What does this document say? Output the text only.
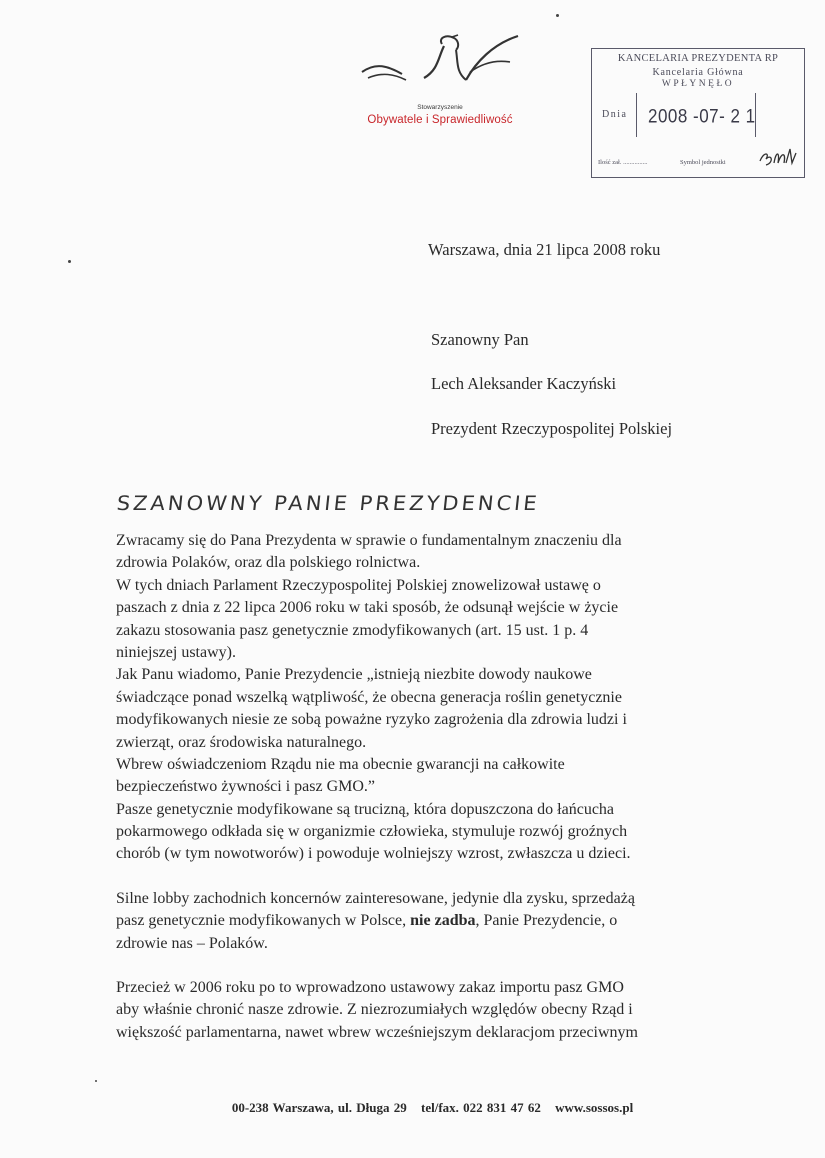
Stowarzyszenie
Obywatele i Sprawiedliwość
KANCELARIA PREZYDENTA RP
Kancelaria Główna
WPŁYNĘŁO
Dnia 2008 -07- 2 1
Ilość zał. ...............	Symbol jednostki
Warszawa, dnia 21 lipca 2008 roku
Szanowny Pan
Lech Aleksander Kaczyński
Prezydent Rzeczypospolitej Polskiej
SZANOWNY PANIE PREZYDENCIE
Zwracamy się do Pana Prezydenta w sprawie o fundamentalnym znaczeniu dla
zdrowia Polaków, oraz dla polskiego rolnictwa.
W tych dniach Parlament Rzeczypospolitej Polskiej znowelizował ustawę o
paszach z dnia z 22 lipca 2006 roku w taki sposób, że odsunął wejście w życie
zakazu stosowania pasz genetycznie zmodyfikowanych (art. 15 ust. 1 p. 4
niniejszej ustawy).
Jak Panu wiadomo, Panie Prezydencie „istnieją niezbite dowody naukowe
świadczące ponad wszelką wątpliwość, że obecna generacja roślin genetycznie
modyfikowanych niesie ze sobą poważne ryzyko zagrożenia dla zdrowia ludzi i
zwierząt, oraz środowiska naturalnego.
Wbrew oświadczeniom Rządu nie ma obecnie gwarancji na całkowite
bezpieczeństwo żywności i pasz GMO.”
Pasze genetycznie modyfikowane są trucizną, która dopuszczona do łańcucha
pokarmowego odkłada się w organizmie człowieka, stymuluje rozwój groźnych
chorób (w tym nowotworów) i powoduje wolniejszy wzrost, zwłaszcza u dzieci.
Silne lobby zachodnich koncernów zainteresowane, jedynie dla zysku, sprzedażą
pasz genetycznie modyfikowanych w Polsce, nie zadba, Panie Prezydencie, o
zdrowie nas – Polaków.
Przecież w 2006 roku po to wprowadzono ustawowy zakaz importu pasz GMO
aby właśnie chronić nasze zdrowie. Z niezrozumiałych względów obecny Rząd i
większość parlamentarna, nawet wbrew wcześniejszym deklaracjom przeciwnym
00-238 Warszawa, ul. Długa 29 tel/fax. 022 831 47 62 www.sossos.pl
